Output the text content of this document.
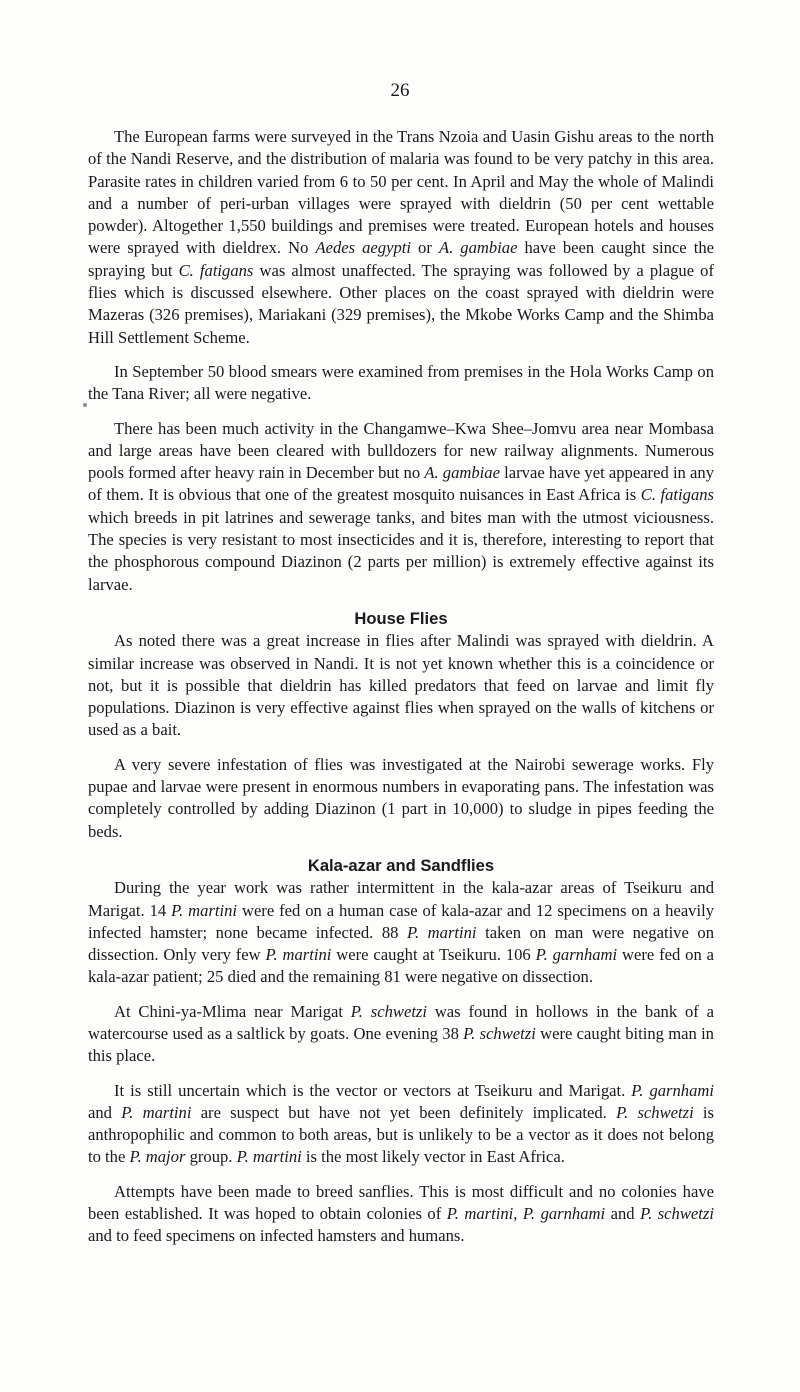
26

The European farms were surveyed in the Trans Nzoia and Uasin Gishu areas to the north of the Nandi Reserve, and the distribution of malaria was found to be very patchy in this area. Parasite rates in children varied from 6 to 50 per cent. In April and May the whole of Malindi and a number of peri-urban villages were sprayed with dieldrin (50 per cent wettable powder). Altogether 1,550 buildings and premises were treated. European hotels and houses were sprayed with dieldrex. No Aedes aegypti or A. gambiae have been caught since the spraying but C. fatigans was almost unaffected. The spraying was followed by a plague of flies which is discussed elsewhere. Other places on the coast sprayed with dieldrin were Mazeras (326 premises), Mariakani (329 premises), the Mkobe Works Camp and the Shimba Hill Settlement Scheme.

In September 50 blood smears were examined from premises in the Hola Works Camp on the Tana River; all were negative.

There has been much activity in the Changamwe–Kwa Shee–Jomvu area near Mombasa and large areas have been cleared with bulldozers for new railway alignments. Numerous pools formed after heavy rain in December but no A. gambiae larvae have yet appeared in any of them. It is obvious that one of the greatest mosquito nuisances in East Africa is C. fatigans which breeds in pit latrines and sewerage tanks, and bites man with the utmost viciousness. The species is very resistant to most insecticides and it is, therefore, interesting to report that the phosphorous compound Diazinon (2 parts per million) is extremely effective against its larvae.

House Flies

As noted there was a great increase in flies after Malindi was sprayed with dieldrin. A similar increase was observed in Nandi. It is not yet known whether this is a coincidence or not, but it is possible that dieldrin has killed predators that feed on larvae and limit fly populations. Diazinon is very effective against flies when sprayed on the walls of kitchens or used as a bait.

A very severe infestation of flies was investigated at the Nairobi sewerage works. Fly pupae and larvae were present in enormous numbers in evaporating pans. The infestation was completely controlled by adding Diazinon (1 part in 10,000) to sludge in pipes feeding the beds.

Kala-azar and Sandflies

During the year work was rather intermittent in the kala-azar areas of Tseikuru and Marigat. 14 P. martini were fed on a human case of kala-azar and 12 specimens on a heavily infected hamster; none became infected. 88 P. martini taken on man were negative on dissection. Only very few P. martini were caught at Tseikuru. 106 P. garnhami were fed on a kala-azar patient; 25 died and the remaining 81 were negative on dissection.

At Chini-ya-Mlima near Marigat P. schwetzi was found in hollows in the bank of a watercourse used as a saltlick by goats. One evening 38 P. schwetzi were caught biting man in this place.

It is still uncertain which is the vector or vectors at Tseikuru and Marigat. P. garnhami and P. martini are suspect but have not yet been definitely implicated. P. schwetzi is anthropophilic and common to both areas, but is unlikely to be a vector as it does not belong to the P. major group. P. martini is the most likely vector in East Africa.

Attempts have been made to breed sanflies. This is most difficult and no colonies have been established. It was hoped to obtain colonies of P. martini, P. garnhami and P. schwetzi and to feed specimens on infected hamsters and humans.
